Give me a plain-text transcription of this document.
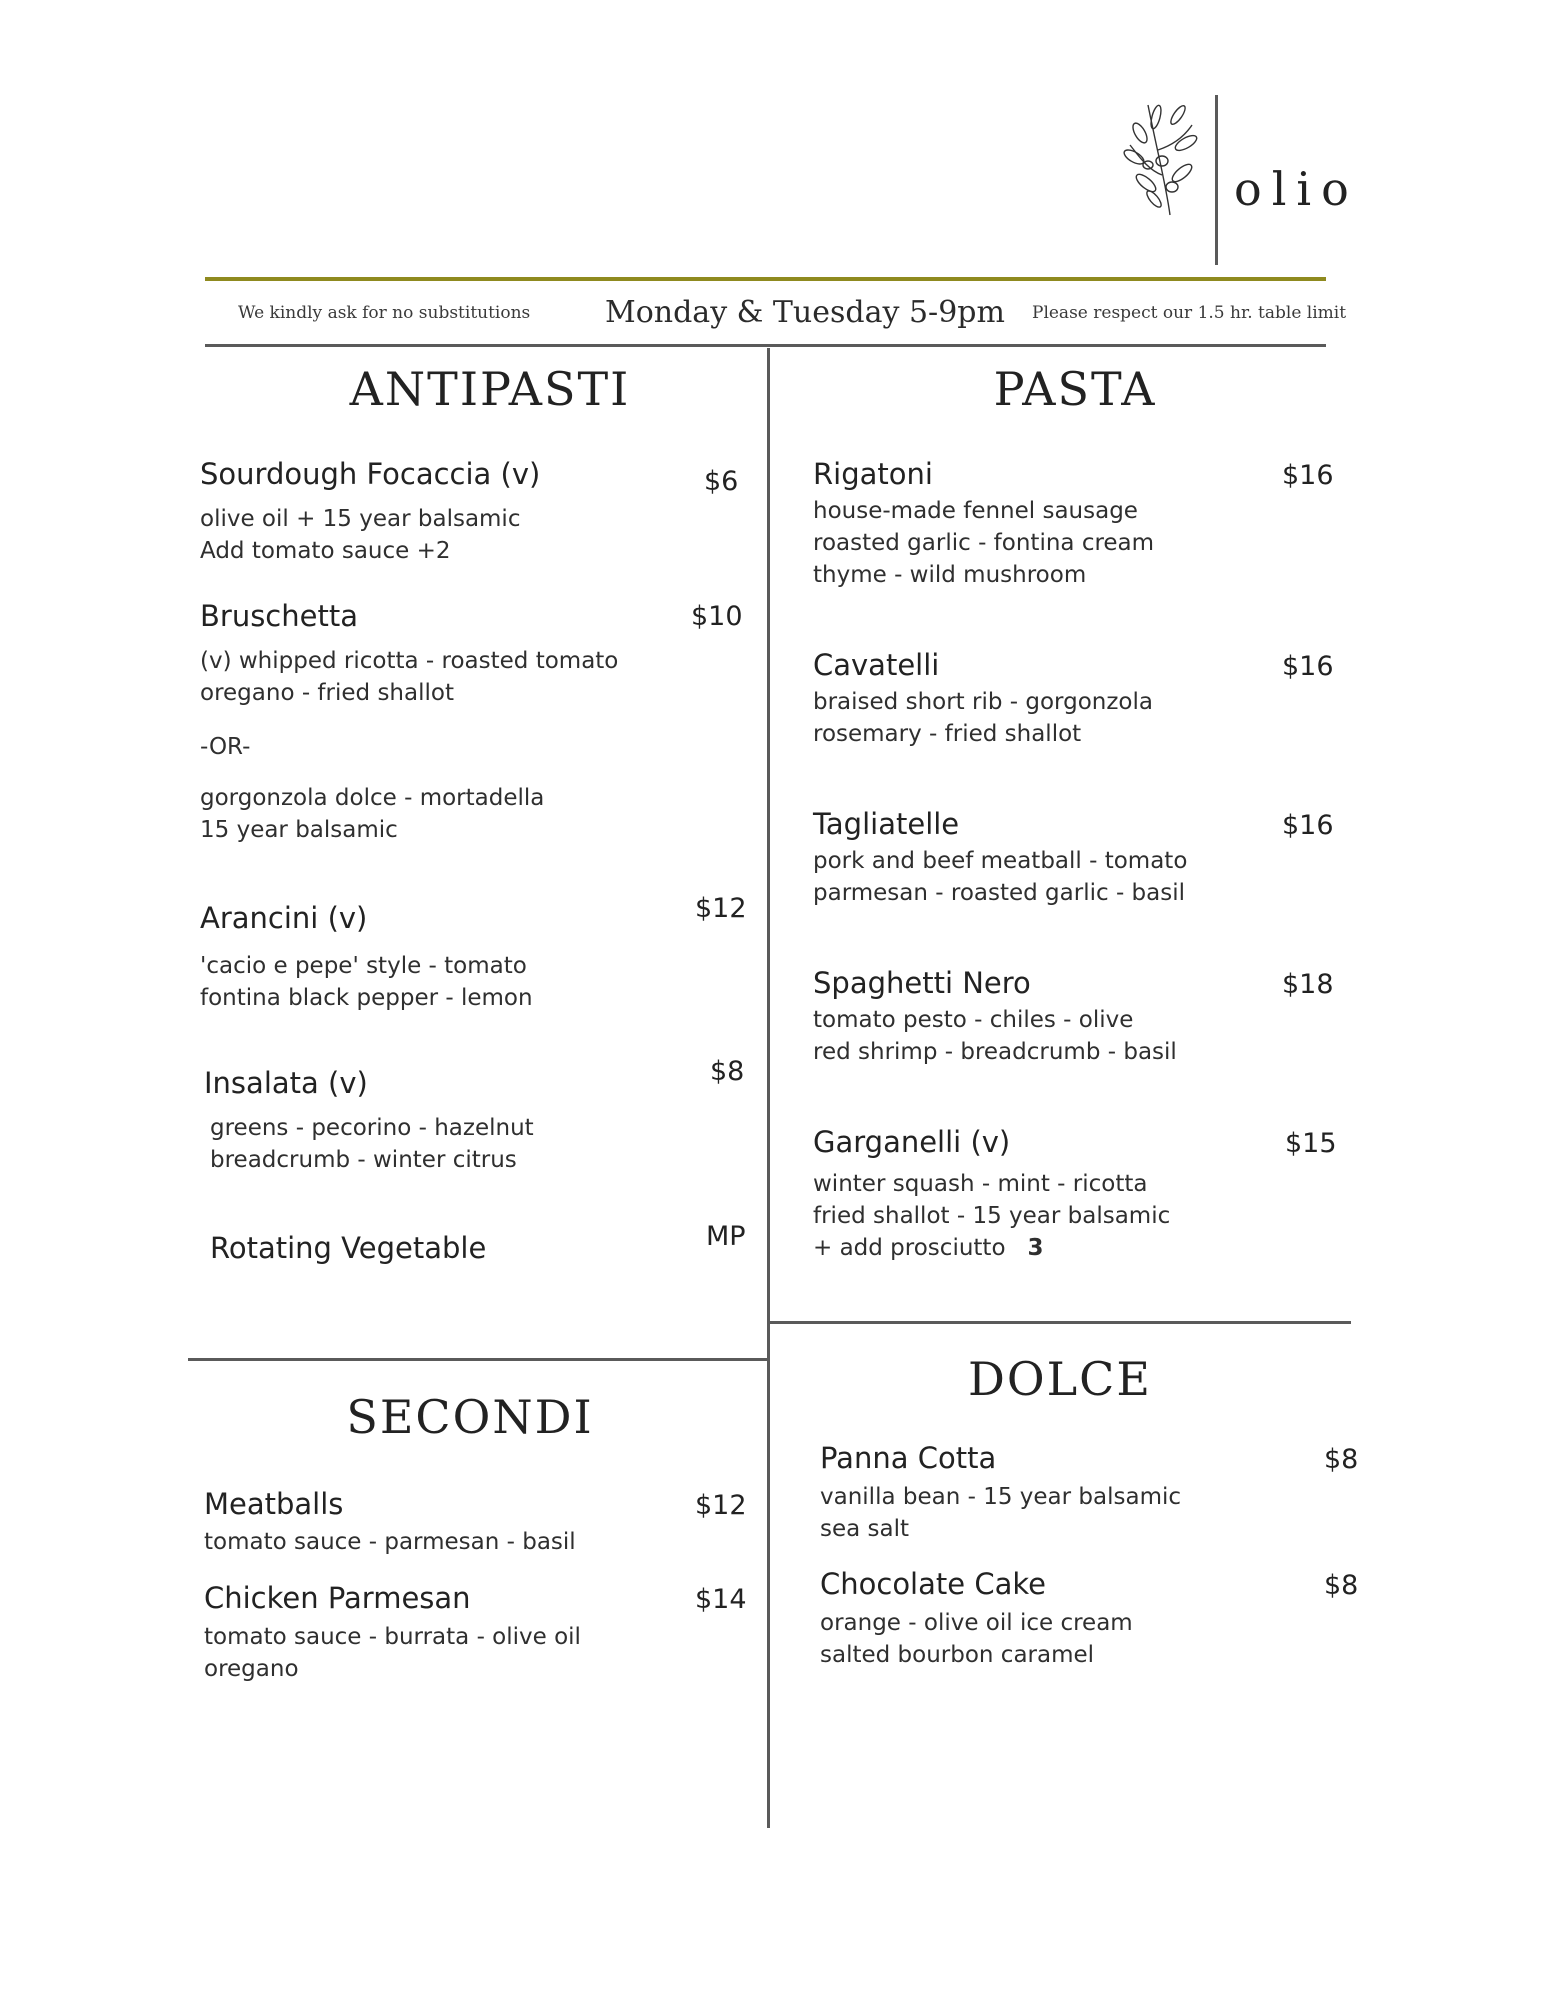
olio
We kindly ask for no substitutions Monday & Tuesday 5-9pm Please respect our 1.5 hr. table limit
ANTIPASTI
Sourdough Focaccia (v)	$6
olive oil + 15 year balsamic
Add tomato sauce +2
Bruschetta	$10
(v) whipped ricotta - roasted tomato
oregano - fried shallot
-OR-
gorgonzola dolce - mortadella
15 year balsamic
Arancini (v)	$12
'cacio e pepe' style - tomato
fontina black pepper - lemon
Insalata (v)	$8
greens - pecorino - hazelnut
breadcrumb - winter citrus
Rotating Vegetable	MP
PASTA
Rigatoni	$16
house-made fennel sausage
roasted garlic - fontina cream
thyme - wild mushroom
Cavatelli	$16
braised short rib - gorgonzola
rosemary - fried shallot
Tagliatelle	$16
pork and beef meatball - tomato
parmesan - roasted garlic - basil
Spaghetti Nero	$18
tomato pesto - chiles - olive
red shrimp - breadcrumb - basil
Garganelli (v)	$15
winter squash - mint - ricotta
fried shallot - 15 year balsamic
+ add prosciutto 3
SECONDI
Meatballs	$12
tomato sauce - parmesan - basil
Chicken Parmesan	$14
tomato sauce - burrata - olive oil
oregano
DOLCE
Panna Cotta	$8
vanilla bean - 15 year balsamic
sea salt
Chocolate Cake	$8
orange - olive oil ice cream
salted bourbon caramel
